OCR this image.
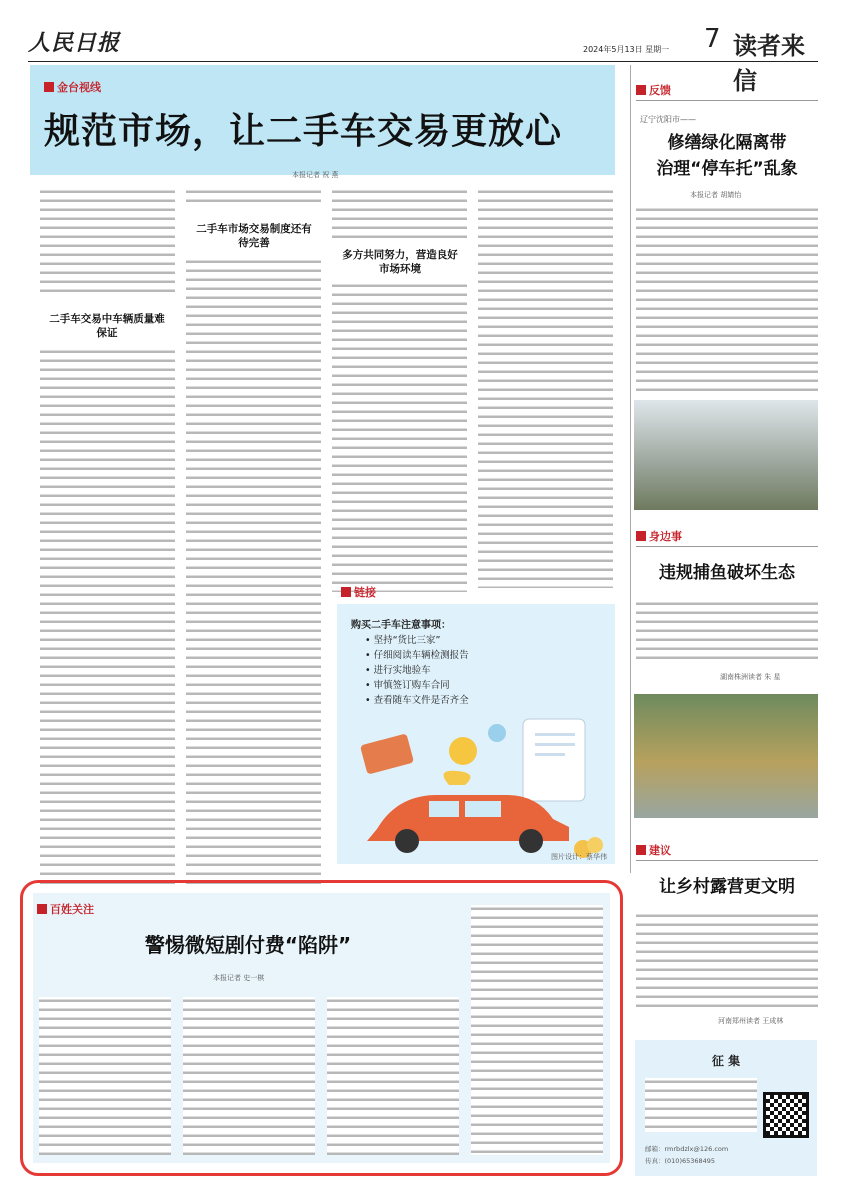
人民日报	2024年5月13日 星期一 7 读者来信
金台视线
规范市场，让二手车交易更放心
本报记者 祝 燕
二手车交易中车辆质量难保证
二手车市场交易制度还有待完善
多方共同努力，营造良好市场环境
链接
购买二手车注意事项：
• 坚持“货比三家”
• 仔细阅读车辆检测报告
• 进行实地验车
• 审慎签订购车合同
• 查看随车文件是否齐全
图片设计：蔡华伟
反馈
辽宁沈阳市——
修缮绿化隔离带
治理“停车托”乱象
本报记者 胡婧怡
身边事
违规捕鱼破坏生态
湖南株洲读者 朱 星
建议
让乡村露营更文明
河南郑州读者 王成林
征 集
邮箱：rmrbdzlx@126.com
传真：(010)65368495
百姓关注
警惕微短剧付费“陷阱”
本报记者 史一棋
